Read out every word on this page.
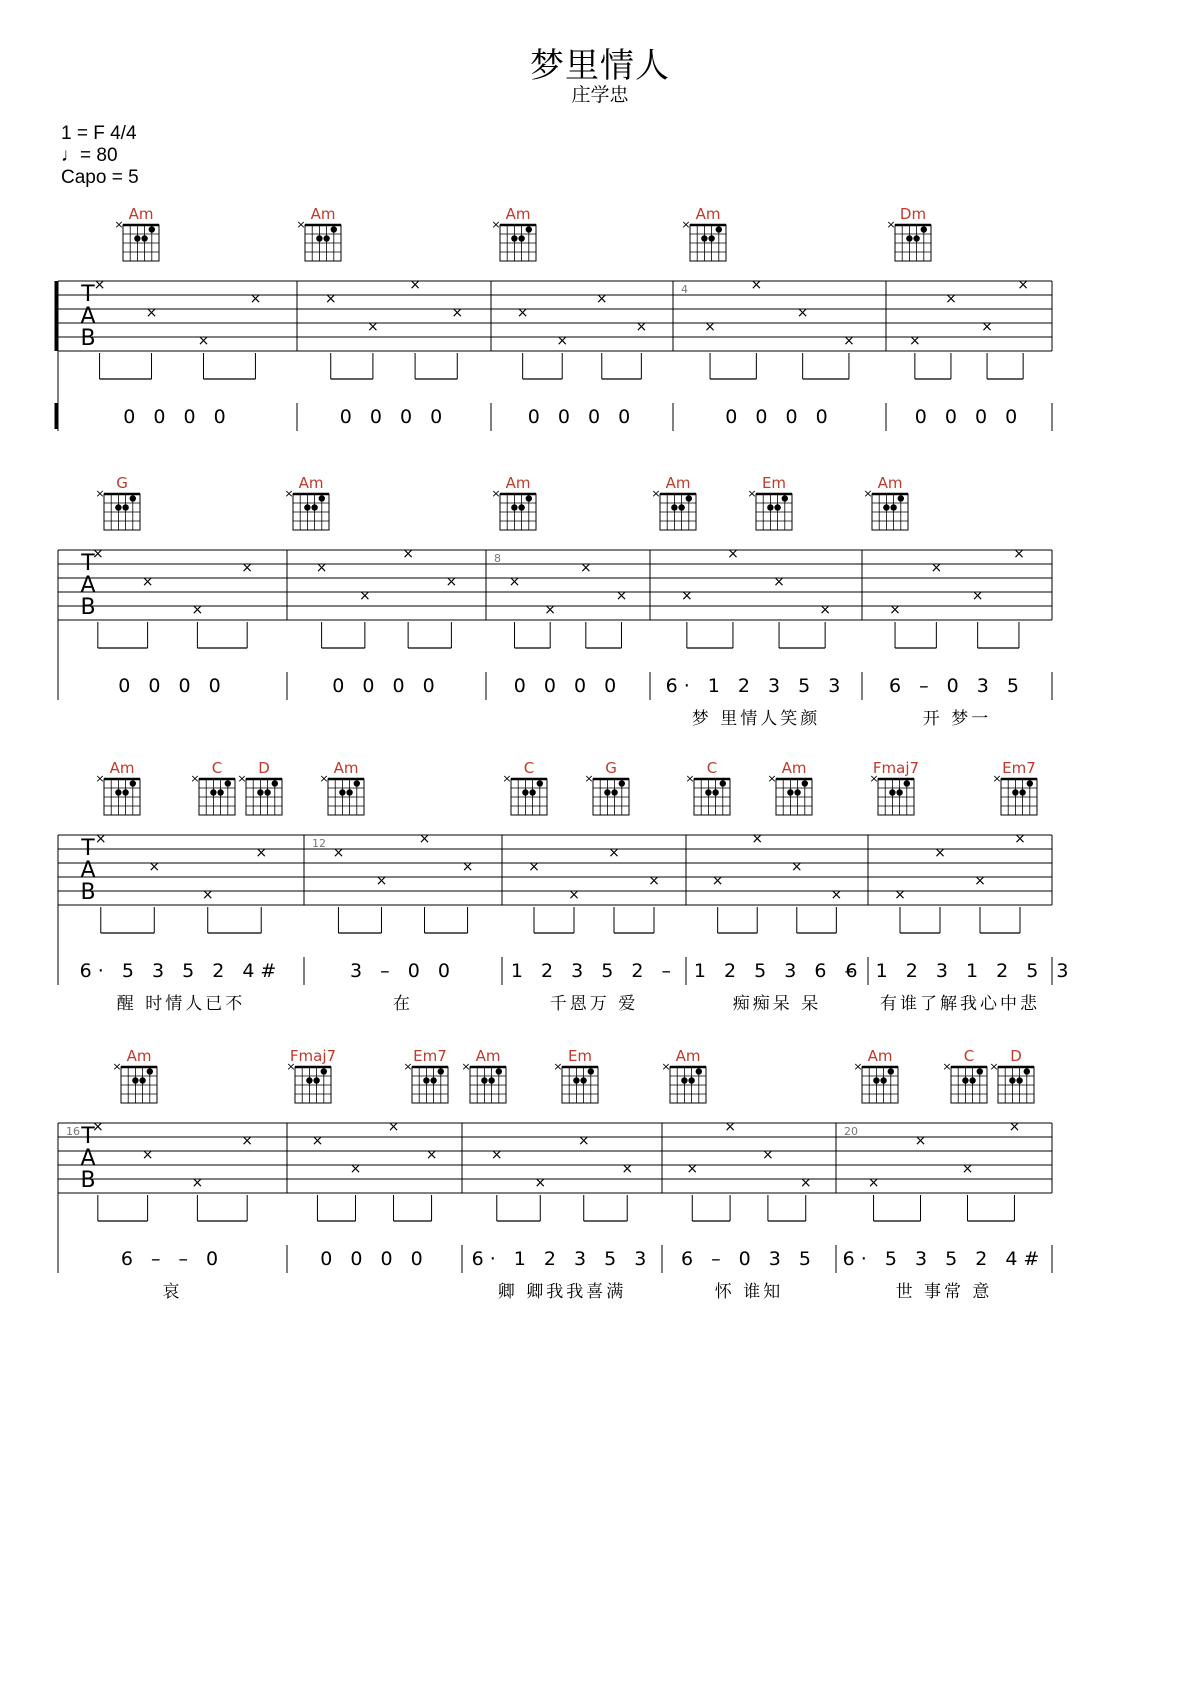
梦里情人
庄学忠
1 = F 4/4
♩= 80
Capo = 5
Am
×
Am
×
Am
×
Am
×
Dm
×
T
A
B
×
×
×
×
0 0 0 0
×
×
×
×
0 0 0 0
×
×
×
×
0 0 0 0
×
×
×
×
4
0 0 0 0
×
×
×
×
0 0 0 0
G
×
Am
×
Am
×
Am
×
Em
×
Am
×
T
A
B
×
×
×
×
0 0 0 0
×
×
×
×
0 0 0 0
×
×
×
×
8
0 0 0 0
×
×
×
×
6· 1 2 3 5 3
梦 里情人笑颜
×
×
×
×
6 – 0 3 5
开 梦一
Am
×
C
×
D
×
Am
×
C
×
G
×
C
×
Am
×
Fmaj7
×
Em7
×
T
A
B
×
×
×
×
6· 5 3 5 2 4#
醒 时情人已不
×
×
×
×
12
3 – 0 0
在
×
×
×
×
1 2 3 5 2 –
千恩万 爱
×
×
×
×
1 2 5 3 6 –
痴痴呆 呆
×
×
×
×
6 1 2 3 1 2 5 3
有谁了解我心中悲
Am
×
Fmaj7
×
Em7
×
Am
×
Em
×
Am
×
Am
×
C
×
D
×
T
A
B
×
×
×
×
16
6 – – 0
哀
×
×
×
×
0 0 0 0
×
×
×
×
6· 1 2 3 5 3
卿 卿我我喜满
×
×
×
×
6 – 0 3 5
怀 谁知
×
×
×
×
20
6· 5 3 5 2 4#
世 事常 意
